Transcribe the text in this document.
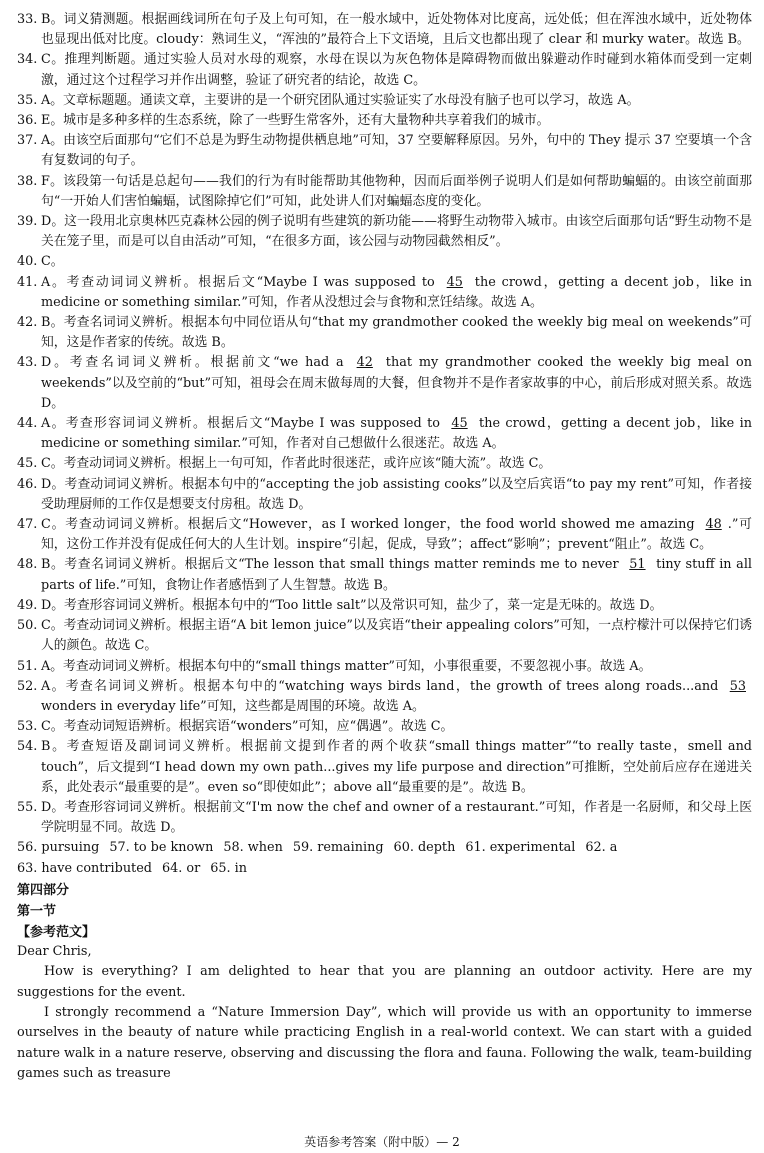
33. B。词义猜测题。根据画线词所在句子及上句可知，在一般水域中，近处物体对比度高，远处低；但在浑浊水域中，近处物体也显现出低对比度。cloudy：熟词生义，“浑浊的”最符合上下文语境，且后文也都出现了 clear 和 murky water。故选 B。
34. C。推理判断题。通过实验人员对水母的观察，水母在误以为灰色物体是障碍物而做出躲避动作时碰到水箱体而受到一定刺激，通过这个过程学习并作出调整，验证了研究者的结论，故选 C。
35. A。文章标题题。通读文章，主要讲的是一个研究团队通过实验证实了水母没有脑子也可以学习，故选 A。
36. E。城市是多种多样的生态系统，除了一些野生常客外，还有大量物种共享着我们的城市。
37. A。由该空后面那句“它们不总是为野生动物提供栖息地”可知，37 空要解释原因。另外，句中的 They 提示 37 空要填一个含有复数词的句子。
38. F。该段第一句话是总起句——我们的行为有时能帮助其他物种，因而后面举例子说明人们是如何帮助蝙蝠的。由该空前面那句“一开始人们害怕蝙蝠，试图除掉它们”可知，此处讲人们对蝙蝠态度的变化。
39. D。这一段用北京奥林匹克森林公园的例子说明有些建筑的新功能——将野生动物带入城市。由该空后面那句话“野生动物不是关在笼子里，而是可以自由活动”可知，“在很多方面，该公园与动物园截然相反”。
40. C。
41. A。考查动词词义辨析。根据后文“Maybe I was supposed to 45 the crowd，getting a decent job，like in medicine or something similar.”可知，作者从没想过会与食物和烹饪结缘。故选 A。
42. B。考查名词词义辨析。根据本句中同位语从句“that my grandmother cooked the weekly big meal on weekends”可知，这是作者家的传统。故选 B。
43. D。考查名词词义辨析。根据前文“we had a 42 that my grandmother cooked the weekly big meal on weekends”以及空前的“but”可知，祖母会在周末做每周的大餐，但食物并不是作者家故事的中心，前后形成对照关系。故选 D。
44. A。考查形容词词义辨析。根据后文“Maybe I was supposed to 45 the crowd，getting a decent job，like in medicine or something similar.”可知，作者对自己想做什么很迷茫。故选 A。
45. C。考查动词词义辨析。根据上一句可知，作者此时很迷茫，或许应该“随大流”。故选 C。
46. D。考查动词词义辨析。根据本句中的“accepting the job assisting cooks”以及空后宾语“to pay my rent”可知，作者接受助理厨师的工作仅是想要支付房租。故选 D。
47. C。考查动词词义辨析。根据后文“However，as I worked longer，the food world showed me amazing 48 .”可知，这份工作并没有促成任何大的人生计划。inspire“引起，促成，导致”；affect“影响”；prevent“阻止”。故选 C。
48. B。考查名词词义辨析。根据后文“The lesson that small things matter reminds me to never 51 tiny stuff in all parts of life.”可知，食物让作者感悟到了人生智慧。故选 B。
49. D。考查形容词词义辨析。根据本句中的“Too little salt”以及常识可知，盐少了，菜一定是无味的。故选 D。
50. C。考查动词词义辨析。根据主语“A bit lemon juice”以及宾语“their appealing colors”可知，一点柠檬汁可以保持它们诱人的颜色。故选 C。
51. A。考查动词词义辨析。根据本句中的“small things matter”可知，小事很重要，不要忽视小事。故选 A。
52. A。考查名词词义辨析。根据本句中的“watching ways birds land，the growth of trees along roads...and 53 wonders in everyday life”可知，这些都是周围的环境。故选 A。
53. C。考查动词短语辨析。根据宾语“wonders”可知，应“偶遇”。故选 C。
54. B。考查短语及副词词义辨析。根据前文提到作者的两个收获“small things matter”“to really taste，smell and touch”，后文提到“I head down my own path...gives my life purpose and direction”可推断，空处前后应存在递进关系，此处表示“最重要的是”。even so“即使如此”；above all“最重要的是”。故选 B。
55. D。考查形容词词义辨析。根据前文“I'm now the chef and owner of a restaurant.”可知，作者是一名厨师，和父母上医学院明显不同。故选 D。
56. pursuing 57. to be known 58. when 59. remaining 60. depth 61. experimental 62. a
63. have contributed 64. or 65. in
第四部分
第一节
【参考范文】
Dear Chris,
How is everything? I am delighted to hear that you are planning an outdoor activity. Here are my suggestions for the event.
I strongly recommend a “Nature Immersion Day”, which will provide us with an opportunity to immerse ourselves in the beauty of nature while practicing English in a real-world context. We can start with a guided nature walk in a nature reserve, observing and discussing the flora and fauna. Following the walk, team-building games such as treasure
英语参考答案（附中版）— 2
